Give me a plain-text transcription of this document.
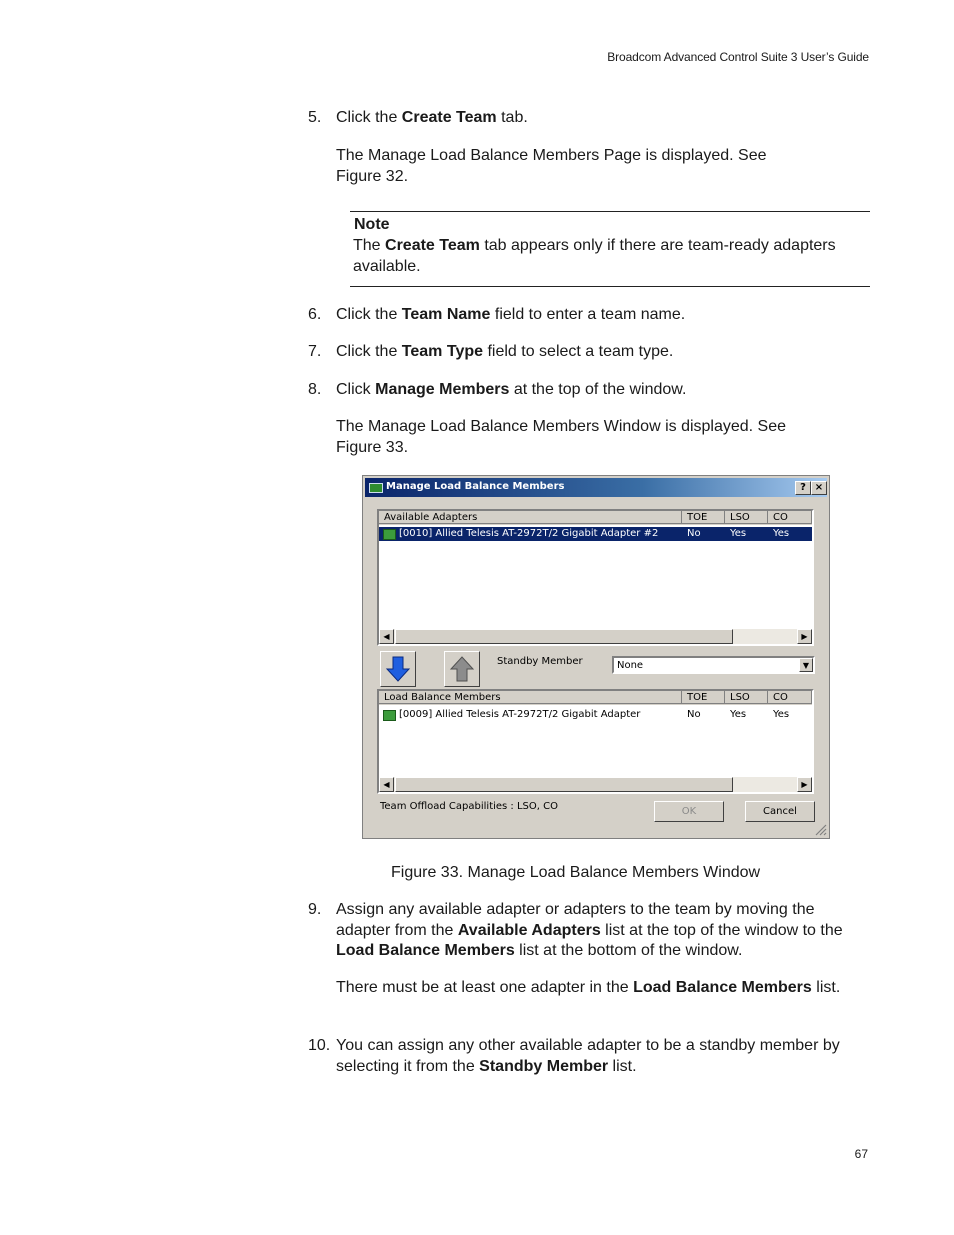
Broadcom Advanced Control Suite 3 User’s Guide
5. Click the Create Team tab.
The Manage Load Balance Members Page is displayed. See Figure 32.
Note
The Create Team tab appears only if there are team-ready adapters available.
6. Click the Team Name field to enter a team name.
7. Click the Team Type field to select a team type.
8. Click Manage Members at the top of the window.
The Manage Load Balance Members Window is displayed. See Figure 33.
Manage Load Balance Members	? ×
Available Adapters	TOE	LSO	CO
[0010] Allied Telesis AT-2972T/2 Gigabit Adapter #2	No	Yes	Yes
◀	▶
Standby Member	None	▼
Load Balance Members	TOE	LSO	CO
[0009] Allied Telesis AT-2972T/2 Gigabit Adapter	No	Yes	Yes
◀	▶
Team Offload Capabilities : LSO, CO	OK	Cancel
Figure 33. Manage Load Balance Members Window
9. Assign any available adapter or adapters to the team by moving the adapter from the Available Adapters list at the top of the window to the Load Balance Members list at the bottom of the window.
There must be at least one adapter in the Load Balance Members list.
10. You can assign any other available adapter to be a standby member by selecting it from the Standby Member list.
67
